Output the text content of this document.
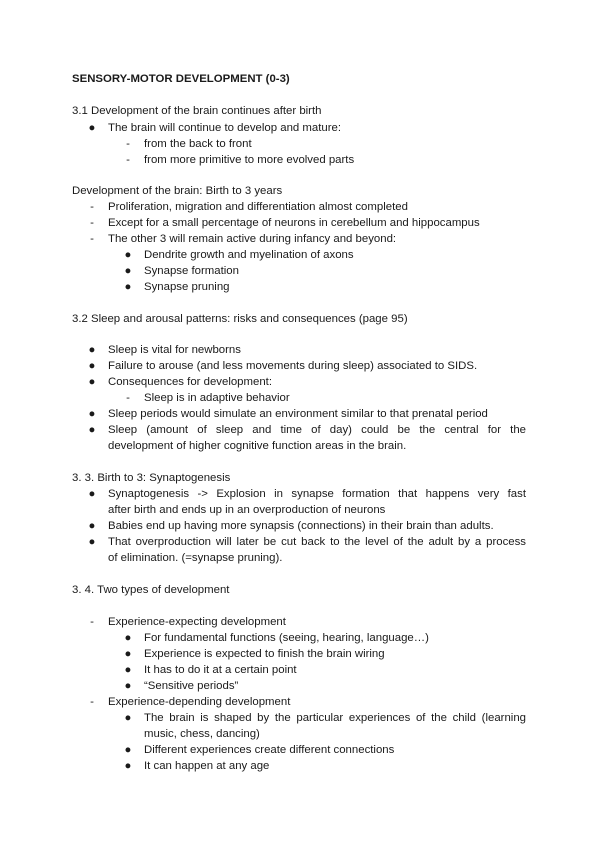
SENSORY-MOTOR DEVELOPMENT (0-3)
3.1 Development of the brain continues after birth
●	The brain will continue to develop and mature:
-	from the back to front
-	from more primitive to more evolved parts
Development of the brain: Birth to 3 years
-	Proliferation, migration and differentiation almost completed
-	Except for a small percentage of neurons in cerebellum and hippocampus
-	The other 3 will remain active during infancy and beyond:
●	Dendrite growth and myelination of axons
●	Synapse formation
●	Synapse pruning
3.2 Sleep and arousal patterns: risks and consequences (page 95)
●	Sleep is vital for newborns
●	Failure to arouse (and less movements during sleep) associated to SIDS.
●	Consequences for development:
-	Sleep is in adaptive behavior
●	Sleep periods would simulate an environment similar to that prenatal period
●	Sleep (amount of sleep and time of day) could be the central for the
development of higher cognitive function areas in the brain.
3. 3. Birth to 3: Synaptogenesis
●	Synaptogenesis -> Explosion in synapse formation that happens very fast
after birth and ends up in an overproduction of neurons
●	Babies end up having more synapsis (connections) in their brain than adults.
●	That overproduction will later be cut back to the level of the adult by a process
of elimination. (=synapse pruning).
3. 4. Two types of development
-	Experience-expecting development
●	For fundamental functions (seeing, hearing, language…)
●	Experience is expected to finish the brain wiring
●	It has to do it at a certain point
●	“Sensitive periods”
-	Experience-depending development
●	The brain is shaped by the particular experiences of the child (learning
music, chess, dancing)
●	Different experiences create different connections
●	It can happen at any age
